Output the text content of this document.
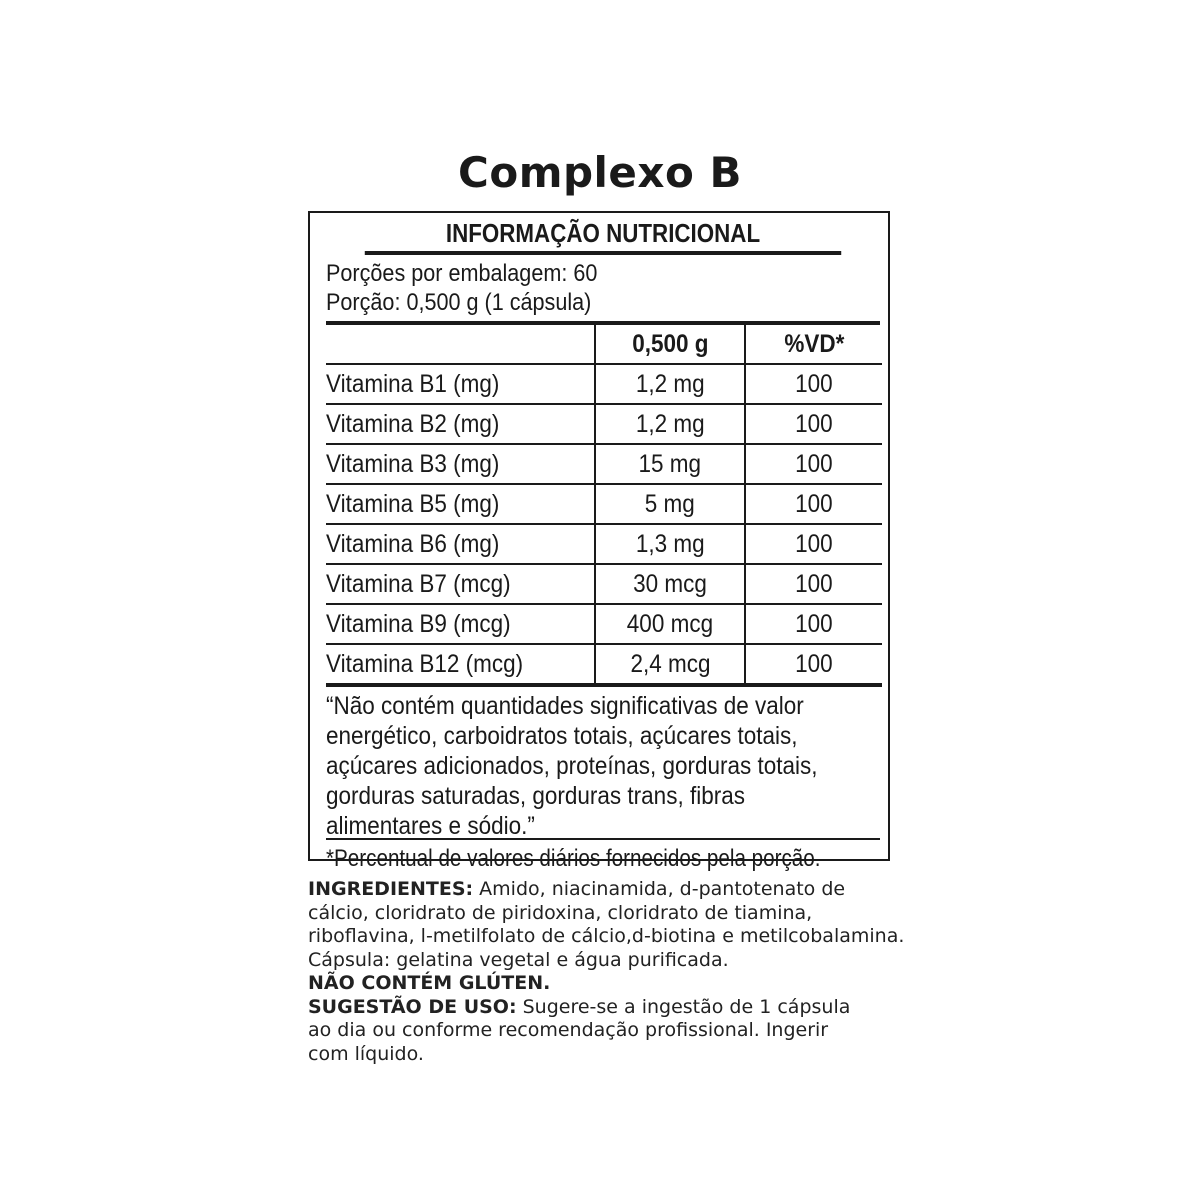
Complexo B
INFORMAÇÃO NUTRICIONAL
Porções por embalagem: 60
Porção: 0,500 g (1 cápsula)
	0,500 g	%VD*
Vitamina B1 (mg)	1,2 mg	100
Vitamina B2 (mg)	1,2 mg	100
Vitamina B3 (mg)	15 mg	100
Vitamina B5 (mg)	5 mg	100
Vitamina B6 (mg)	1,3 mg	100
Vitamina B7 (mcg)	30 mcg	100
Vitamina B9 (mcg)	400 mcg	100
Vitamina B12 (mcg)	2,4 mcg	100
“Não contém quantidades significativas de valor
energético, carboidratos totais, açúcares totais,
açúcares adicionados, proteínas, gorduras totais,
gorduras saturadas, gorduras trans, fibras
alimentares e sódio.”
*Percentual de valores diários fornecidos pela porção.
INGREDIENTES: Amido, niacinamida, d-pantotenato de
cálcio, cloridrato de piridoxina, cloridrato de tiamina,
riboflavina, l-metilfolato de cálcio,d-biotina e metilcobalamina.
Cápsula: gelatina vegetal e água purificada.
NÃO CONTÉM GLÚTEN.
SUGESTÃO DE USO: Sugere-se a ingestão de 1 cápsula
ao dia ou conforme recomendação profissional. Ingerir
com líquido.
